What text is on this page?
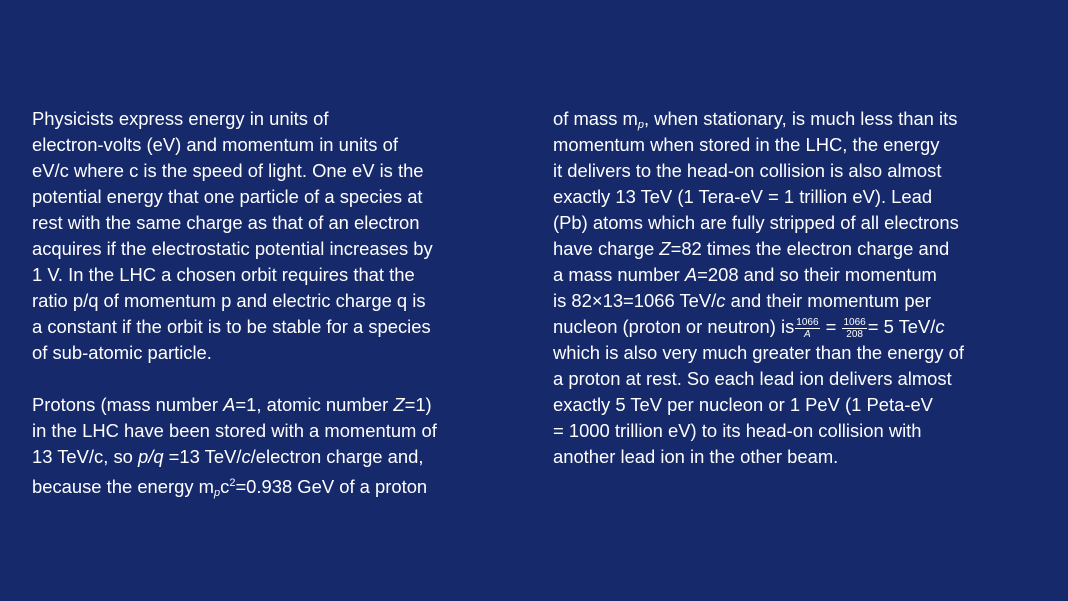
Physicists express energy in units of
electron-volts (eV) and momentum in units of
eV/c where c is the speed of light. One eV is the
potential energy that one particle of a species at
rest with the same charge as that of an electron
acquires if the electrostatic potential increases by
1 V. In the LHC a chosen orbit requires that the
ratio p/q of momentum p and electric charge q is
a constant if the orbit is to be stable for a species
of sub-atomic particle.
Protons (mass number A=1, atomic number Z=1)
in the LHC have been stored with a momentum of
13 TeV/c, so p/q =13 TeV/c/electron charge and,
because the energy $m_pc^2=0.938$ GeV of a proton
of mass $m_p$, when stationary, is much less than its
momentum when stored in the LHC, the energy
it delivers to the head-on collision is also almost
exactly 13 TeV (1 Tera-eV = 1 trillion eV). Lead
(Pb) atoms which are fully stripped of all electrons
have charge Z=82 times the electron charge and
a mass number A=208 and so their momentum
is 82×13=1066 TeV/c and their momentum per
nucleon (proton or neutron) is $\frac{1066}{A} = \frac{1066}{208} = 5$ TeV/c
which is also very much greater than the energy of
a proton at rest. So each lead ion delivers almost
exactly 5 TeV per nucleon or 1 PeV (1 Peta-eV
= 1000 trillion eV) to its head-on collision with
another lead ion in the other beam.
